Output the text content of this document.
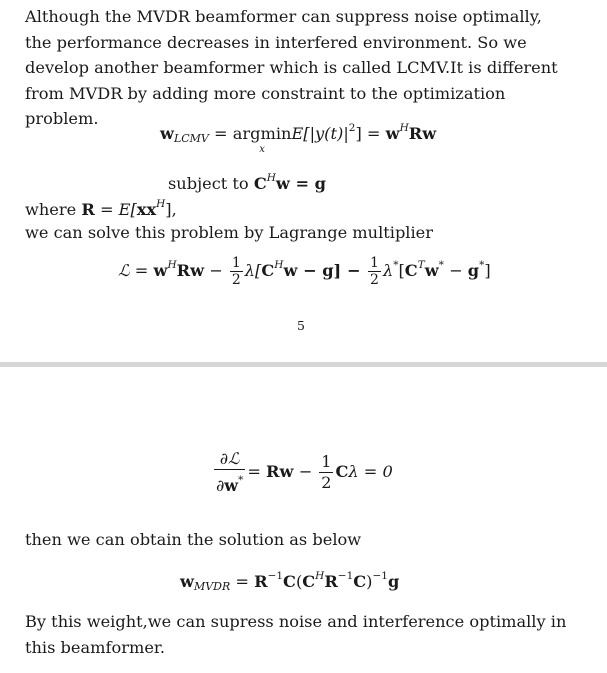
Although the MVDR beamformer can suppress noise optimally, the performance decreases in interfered environment. So we develop another beamformer which is called LCMV.It is different from MVDR by adding more constraint to the optimization problem.

$w_{LCMV} = argmin$
x
$E[|y(t)|^2] = w^HRw$
subject to $C^Hw = g$
where $R = E[xx^H]$,
we can solve this problem by Lagrange multiplier
ℒ = $w^HRw - \frac{1}{2} \lambda[C^Hw - g] - \frac{1}{2} \lambda^*[C^Tw^* - g^*]$
5
$\frac{\text{∂ℒ}}{\partial w^*} = Rw - \frac{1}{2}$ Cλ = 0
then we can obtain the solution as below
$w_{MVDR} = R^{-1}C(C^HR^{-1}C)^{-1}g$

By this weight,we can supress noise and interference optimally in this beamformer.
